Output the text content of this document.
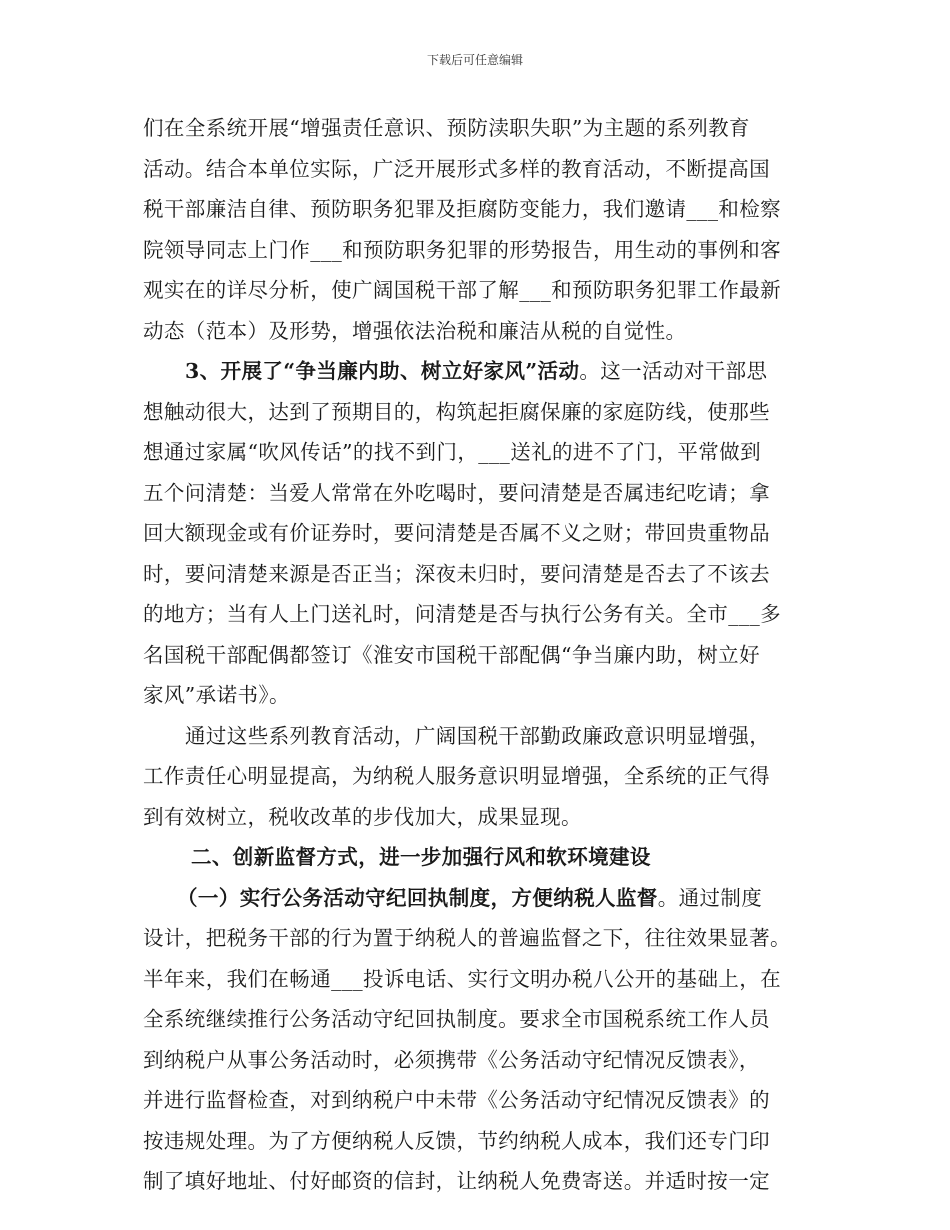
下载后可任意编辑
们在全系统开展“增强责任意识、预防渎职失职”为主题的系列教育
活动。结合本单位实际，广泛开展形式多样的教育活动，不断提高国
税干部廉洁自律、预防职务犯罪及拒腐防变能力，我们邀请___和检察
院领导同志上门作___和预防职务犯罪的形势报告，用生动的事例和客
观实在的详尽分析，使广阔国税干部了解___和预防职务犯罪工作最新
动态（范本）及形势，增强依法治税和廉洁从税的自觉性。
3、开展了“争当廉内助、树立好家风”活动。这一活动对干部思
想触动很大，达到了预期目的，构筑起拒腐保廉的家庭防线，使那些
想通过家属“吹风传话”的找不到门，___送礼的进不了门，平常做到
五个问清楚：当爱人常常在外吃喝时，要问清楚是否属违纪吃请；拿
回大额现金或有价证券时，要问清楚是否属不义之财；带回贵重物品
时，要问清楚来源是否正当；深夜未归时，要问清楚是否去了不该去
的地方；当有人上门送礼时，问清楚是否与执行公务有关。全市___多
名国税干部配偶都签订《淮安市国税干部配偶“争当廉内助，树立好
家风”承诺书》。
通过这些系列教育活动，广阔国税干部勤政廉政意识明显增强，
工作责任心明显提高，为纳税人服务意识明显增强，全系统的正气得
到有效树立，税收改革的步伐加大，成果显现。
二、创新监督方式，进一步加强行风和软环境建设
（一）实行公务活动守纪回执制度，方便纳税人监督。通过制度
设计，把税务干部的行为置于纳税人的普遍监督之下，往往效果显著。
半年来，我们在畅通___投诉电话、实行文明办税八公开的基础上，在
全系统继续推行公务活动守纪回执制度。要求全市国税系统工作人员
到纳税户从事公务活动时，必须携带《公务活动守纪情况反馈表》，
并进行监督检查，对到纳税户中未带《公务活动守纪情况反馈表》的
按违规处理。为了方便纳税人反馈，节约纳税人成本，我们还专门印
制了填好地址、付好邮资的信封，让纳税人免费寄送。并适时按一定
